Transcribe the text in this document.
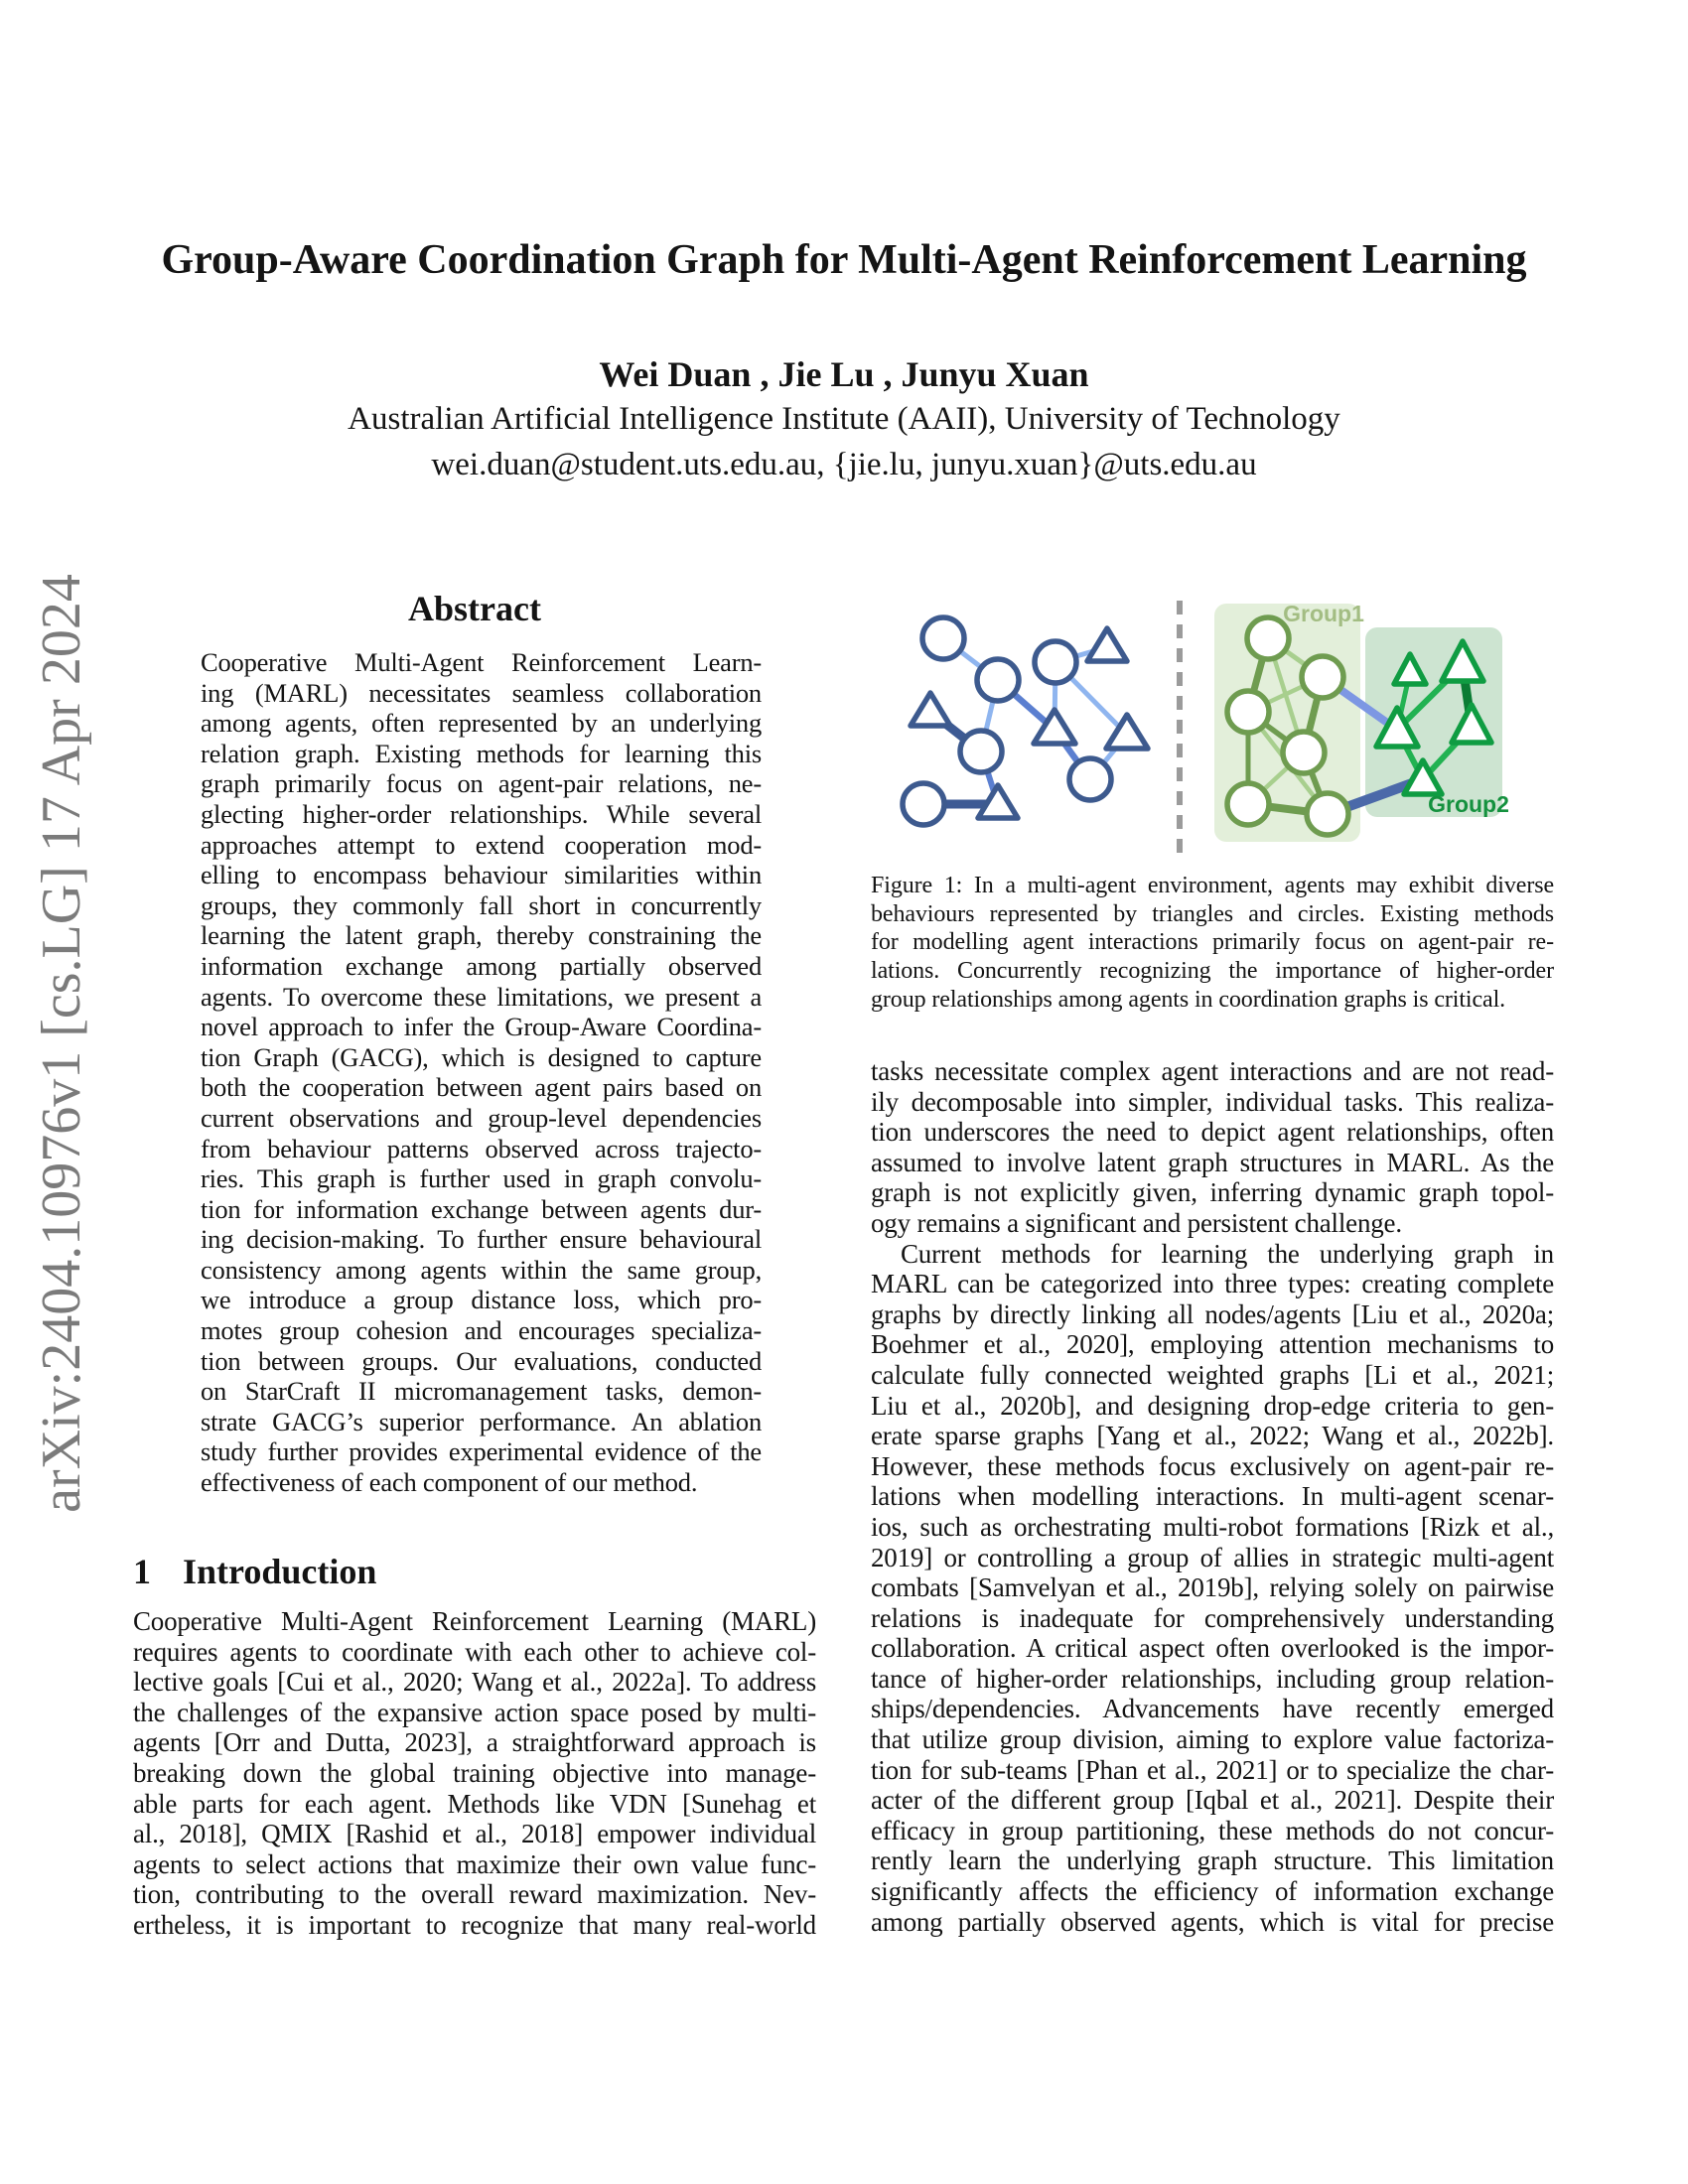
arXiv:2404.10976v1 [cs.LG] 17 Apr 2024
Group-Aware Coordination Graph for Multi-Agent Reinforcement Learning
Wei Duan , Jie Lu , Junyu Xuan
Australian Artificial Intelligence Institute (AAII), University of Technology
wei.duan@student.uts.edu.au, {jie.lu, junyu.xuan}@uts.edu.au
Abstract
Cooperative Multi-Agent Reinforcement Learn-
ing (MARL) necessitates seamless collaboration
among agents, often represented by an underlying
relation graph. Existing methods for learning this
graph primarily focus on agent-pair relations, ne-
glecting higher-order relationships. While several
approaches attempt to extend cooperation mod-
elling to encompass behaviour similarities within
groups, they commonly fall short in concurrently
learning the latent graph, thereby constraining the
information exchange among partially observed
agents. To overcome these limitations, we present a
novel approach to infer the Group-Aware Coordina-
tion Graph (GACG), which is designed to capture
both the cooperation between agent pairs based on
current observations and group-level dependencies
from behaviour patterns observed across trajecto-
ries. This graph is further used in graph convolu-
tion for information exchange between agents dur-
ing decision-making. To further ensure behavioural
consistency among agents within the same group,
we introduce a group distance loss, which pro-
motes group cohesion and encourages specializa-
tion between groups. Our evaluations, conducted
on StarCraft II micromanagement tasks, demon-
strate GACG’s superior performance. An ablation
study further provides experimental evidence of the
effectiveness of each component of our method.
1 Introduction
Cooperative Multi-Agent Reinforcement Learning (MARL)
requires agents to coordinate with each other to achieve col-
lective goals [Cui et al., 2020; Wang et al., 2022a]. To address
the challenges of the expansive action space posed by multi-
agents [Orr and Dutta, 2023], a straightforward approach is
breaking down the global training objective into manage-
able parts for each agent. Methods like VDN [Sunehag et
al., 2018], QMIX [Rashid et al., 2018] empower individual
agents to select actions that maximize their own value func-
tion, contributing to the overall reward maximization. Nev-
ertheless, it is important to recognize that many real-world
Group1
Group2
Figure 1: In a multi-agent environment, agents may exhibit diverse
behaviours represented by triangles and circles. Existing methods
for modelling agent interactions primarily focus on agent-pair re-
lations. Concurrently recognizing the importance of higher-order
group relationships among agents in coordination graphs is critical.
tasks necessitate complex agent interactions and are not read-
ily decomposable into simpler, individual tasks. This realiza-
tion underscores the need to depict agent relationships, often
assumed to involve latent graph structures in MARL. As the
graph is not explicitly given, inferring dynamic graph topol-
ogy remains a significant and persistent challenge.
Current methods for learning the underlying graph in
MARL can be categorized into three types: creating complete
graphs by directly linking all nodes/agents [Liu et al., 2020a;
Boehmer et al., 2020], employing attention mechanisms to
calculate fully connected weighted graphs [Li et al., 2021;
Liu et al., 2020b], and designing drop-edge criteria to gen-
erate sparse graphs [Yang et al., 2022; Wang et al., 2022b].
However, these methods focus exclusively on agent-pair re-
lations when modelling interactions. In multi-agent scenar-
ios, such as orchestrating multi-robot formations [Rizk et al.,
2019] or controlling a group of allies in strategic multi-agent
combats [Samvelyan et al., 2019b], relying solely on pairwise
relations is inadequate for comprehensively understanding
collaboration. A critical aspect often overlooked is the impor-
tance of higher-order relationships, including group relation-
ships/dependencies. Advancements have recently emerged
that utilize group division, aiming to explore value factoriza-
tion for sub-teams [Phan et al., 2021] or to specialize the char-
acter of the different group [Iqbal et al., 2021]. Despite their
efficacy in group partitioning, these methods do not concur-
rently learn the underlying graph structure. This limitation
significantly affects the efficiency of information exchange
among partially observed agents, which is vital for precise
